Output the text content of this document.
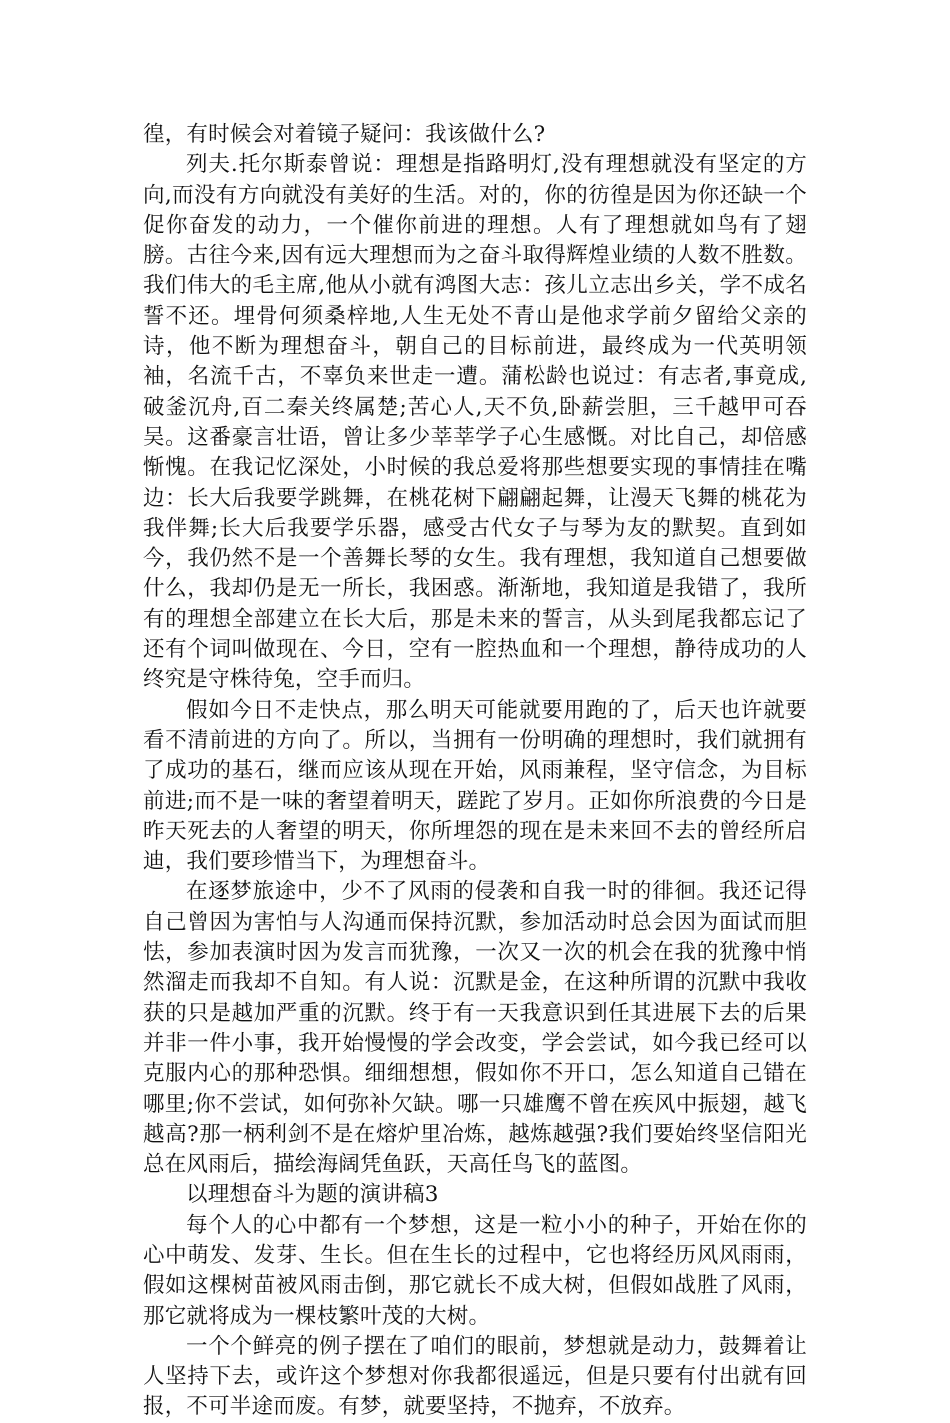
徨，有时候会对着镜子疑问：我该做什么?

列夫.托尔斯泰曾说：理想是指路明灯,没有理想就没有坚定的方向,而没有方向就没有美好的生活。对的，你的彷徨是因为你还缺一个促你奋发的动力，一个催你前进的理想。人有了理想就如鸟有了翅膀。古往今来,因有远大理想而为之奋斗取得辉煌业绩的人数不胜数。我们伟大的毛主席,他从小就有鸿图大志：孩儿立志出乡关，学不成名誓不还。埋骨何须桑梓地,人生无处不青山是他求学前夕留给父亲的诗，他不断为理想奋斗，朝自己的目标前进，最终成为一代英明领袖，名流千古，不辜负来世走一遭。蒲松龄也说过：有志者,事竟成,破釜沉舟,百二秦关终属楚;苦心人,天不负,卧薪尝胆，三千越甲可吞吴。这番豪言壮语，曾让多少莘莘学子心生感慨。对比自己，却倍感惭愧。在我记忆深处，小时候的我总爱将那些想要实现的事情挂在嘴边：长大后我要学跳舞，在桃花树下翩翩起舞，让漫天飞舞的桃花为我伴舞;长大后我要学乐器，感受古代女子与琴为友的默契。直到如今，我仍然不是一个善舞长琴的女生。我有理想，我知道自己想要做什么，我却仍是无一所长，我困惑。渐渐地，我知道是我错了，我所有的理想全部建立在长大后，那是未来的誓言，从头到尾我都忘记了还有个词叫做现在、今日，空有一腔热血和一个理想，静待成功的人终究是守株待兔，空手而归。

假如今日不走快点，那么明天可能就要用跑的了，后天也许就要看不清前进的方向了。所以，当拥有一份明确的理想时，我们就拥有了成功的基石，继而应该从现在开始，风雨兼程，坚守信念，为目标前进;而不是一味的奢望着明天，蹉跎了岁月。正如你所浪费的今日是昨天死去的人奢望的明天，你所埋怨的现在是未来回不去的曾经所启迪，我们要珍惜当下，为理想奋斗。

在逐梦旅途中，少不了风雨的侵袭和自我一时的徘徊。我还记得自己曾因为害怕与人沟通而保持沉默，参加活动时总会因为面试而胆怯，参加表演时因为发言而犹豫，一次又一次的机会在我的犹豫中悄然溜走而我却不自知。有人说：沉默是金，在这种所谓的沉默中我收获的只是越加严重的沉默。终于有一天我意识到任其进展下去的后果并非一件小事，我开始慢慢的学会改变，学会尝试，如今我已经可以克服内心的那种恐惧。细细想想，假如你不开口，怎么知道自己错在哪里;你不尝试，如何弥补欠缺。哪一只雄鹰不曾在疾风中振翅，越飞越高?那一柄利剑不是在熔炉里冶炼，越炼越强?我们要始终坚信阳光总在风雨后，描绘海阔凭鱼跃，天高任鸟飞的蓝图。

以理想奋斗为题的演讲稿3

每个人的心中都有一个梦想，这是一粒小小的种子，开始在你的心中萌发、发芽、生长。但在生长的过程中，它也将经历风风雨雨，假如这棵树苗被风雨击倒，那它就长不成大树，但假如战胜了风雨，那它就将成为一棵枝繁叶茂的大树。

一个个鲜亮的例子摆在了咱们的眼前，梦想就是动力，鼓舞着让人坚持下去，或许这个梦想对你我都很遥远，但是只要有付出就有回报，不可半途而废。有梦，就要坚持，不抛弃，不放弃。
